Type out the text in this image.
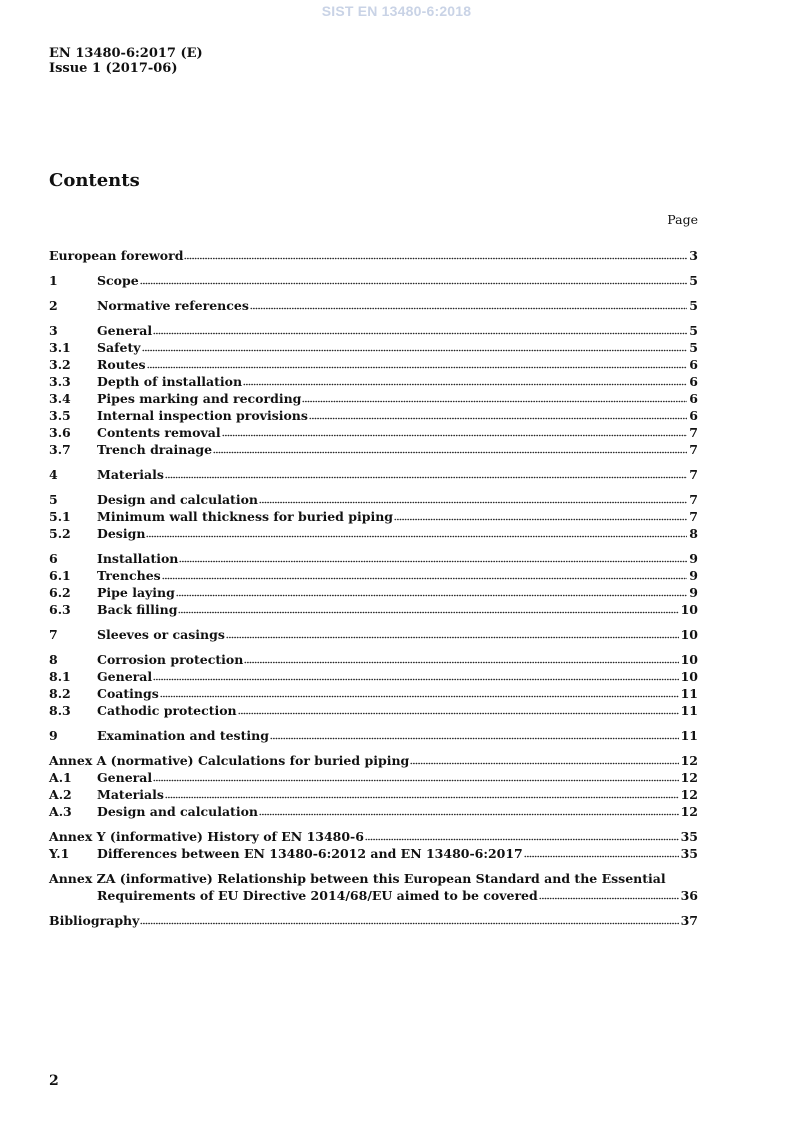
SIST EN 13480-6:2018
EN 13480-6:2017 (E)
Issue 1 (2017-06)
Contents
Page
European foreword	3
1	Scope	5
2	Normative references	5
3	General	5
3.1	Safety	5
3.2	Routes	6
3.3	Depth of installation	6
3.4	Pipes marking and recording	6
3.5	Internal inspection provisions	6
3.6	Contents removal	7
3.7	Trench drainage	7
4	Materials	7
5	Design and calculation	7
5.1	Minimum wall thickness for buried piping	7
5.2	Design	8
6	Installation	9
6.1	Trenches	9
6.2	Pipe laying	9
6.3	Back filling	10
7	Sleeves or casings	10
8	Corrosion protection	10
8.1	General	10
8.2	Coatings	11
8.3	Cathodic protection	11
9	Examination and testing	11
Annex A (normative) Calculations for buried piping	12
A.1	General	12
A.2	Materials	12
A.3	Design and calculation	12
Annex Y (informative) History of EN 13480-6	35
Y.1	Differences between EN 13480-6:2012 and EN 13480-6:2017	35
Annex ZA (informative) Relationship between this European Standard and the Essential
Requirements of EU Directive 2014/68/EU aimed to be covered	36
Bibliography	37
2
